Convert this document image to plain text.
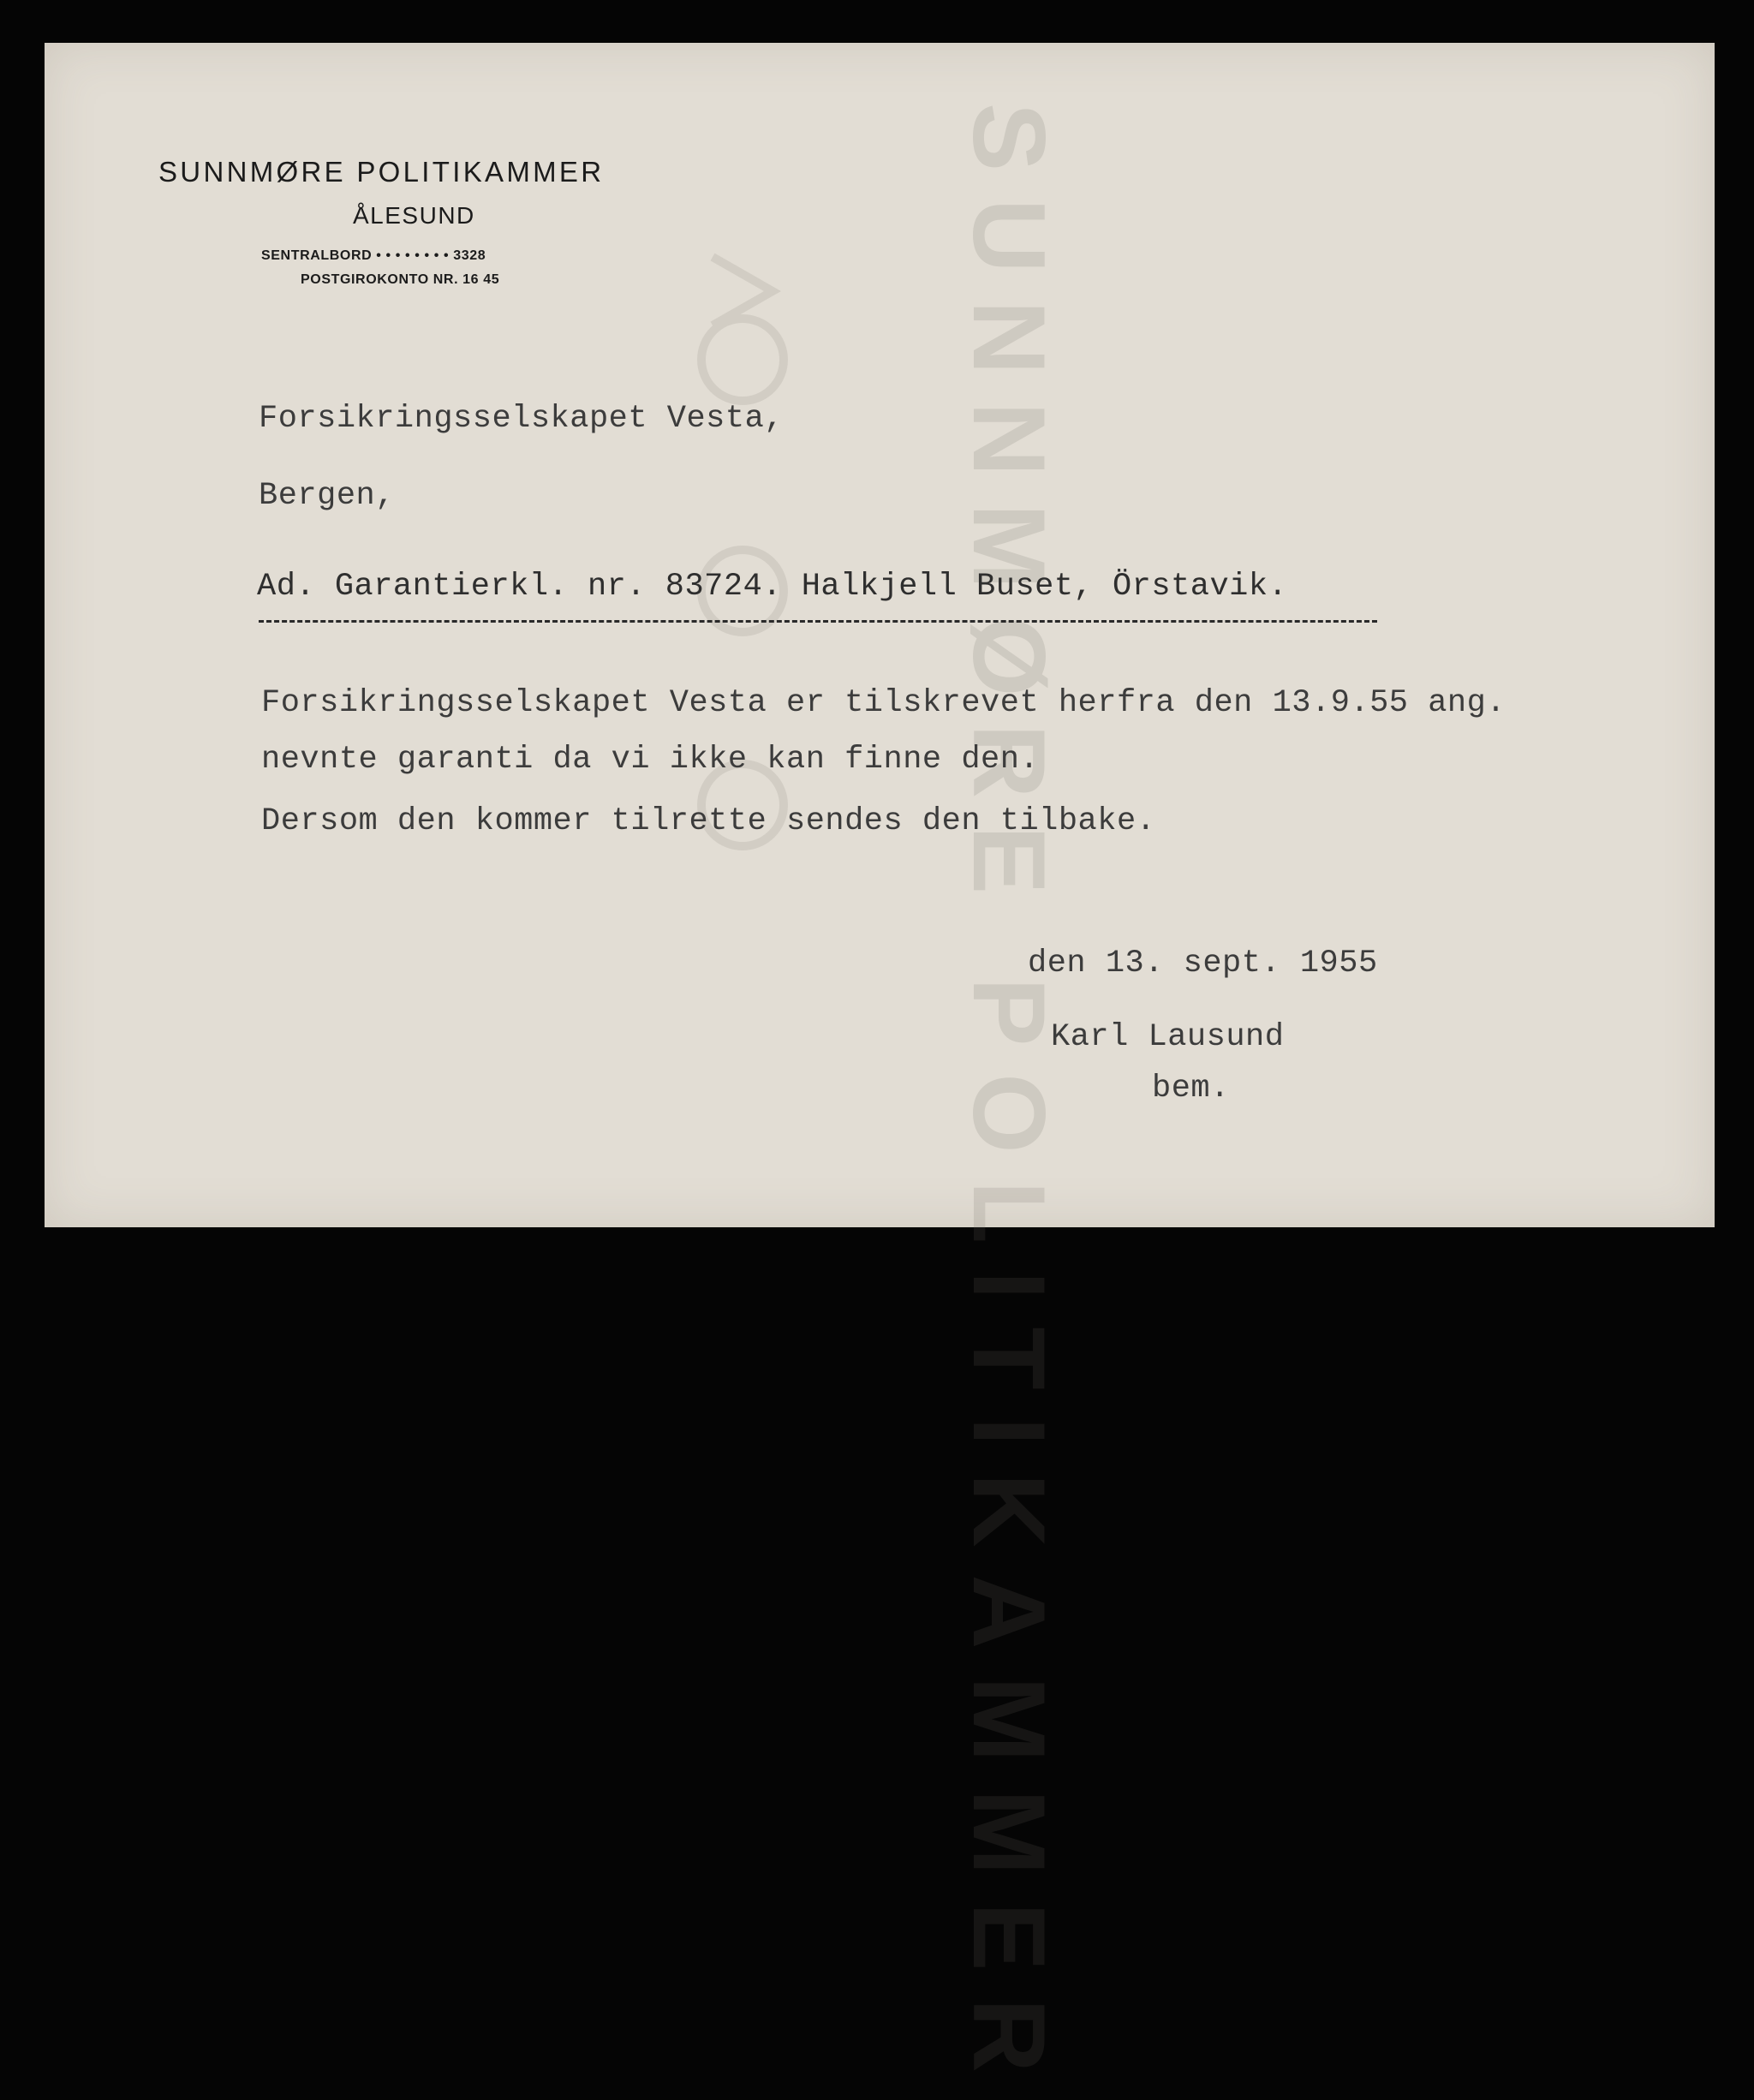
SUNNMØRE POLITIKAMMER
SUNNMØRE POLITIKAMMER
ÅLESUND
SENTRALBORD • • • • • • • • 3328
POSTGIROKONTO NR. 16 45
Forsikringsselskapet Vesta,
Bergen,
Ad. Garantierkl. nr. 83724. Halkjell Buset, Örstavik.
Forsikringsselskapet Vesta er tilskrevet herfra den 13.9.55 ang.
nevnte garanti da vi ikke kan finne den.
Dersom den kommer tilrette sendes den tilbake.
den 13. sept. 1955
Karl Lausund
bem.
